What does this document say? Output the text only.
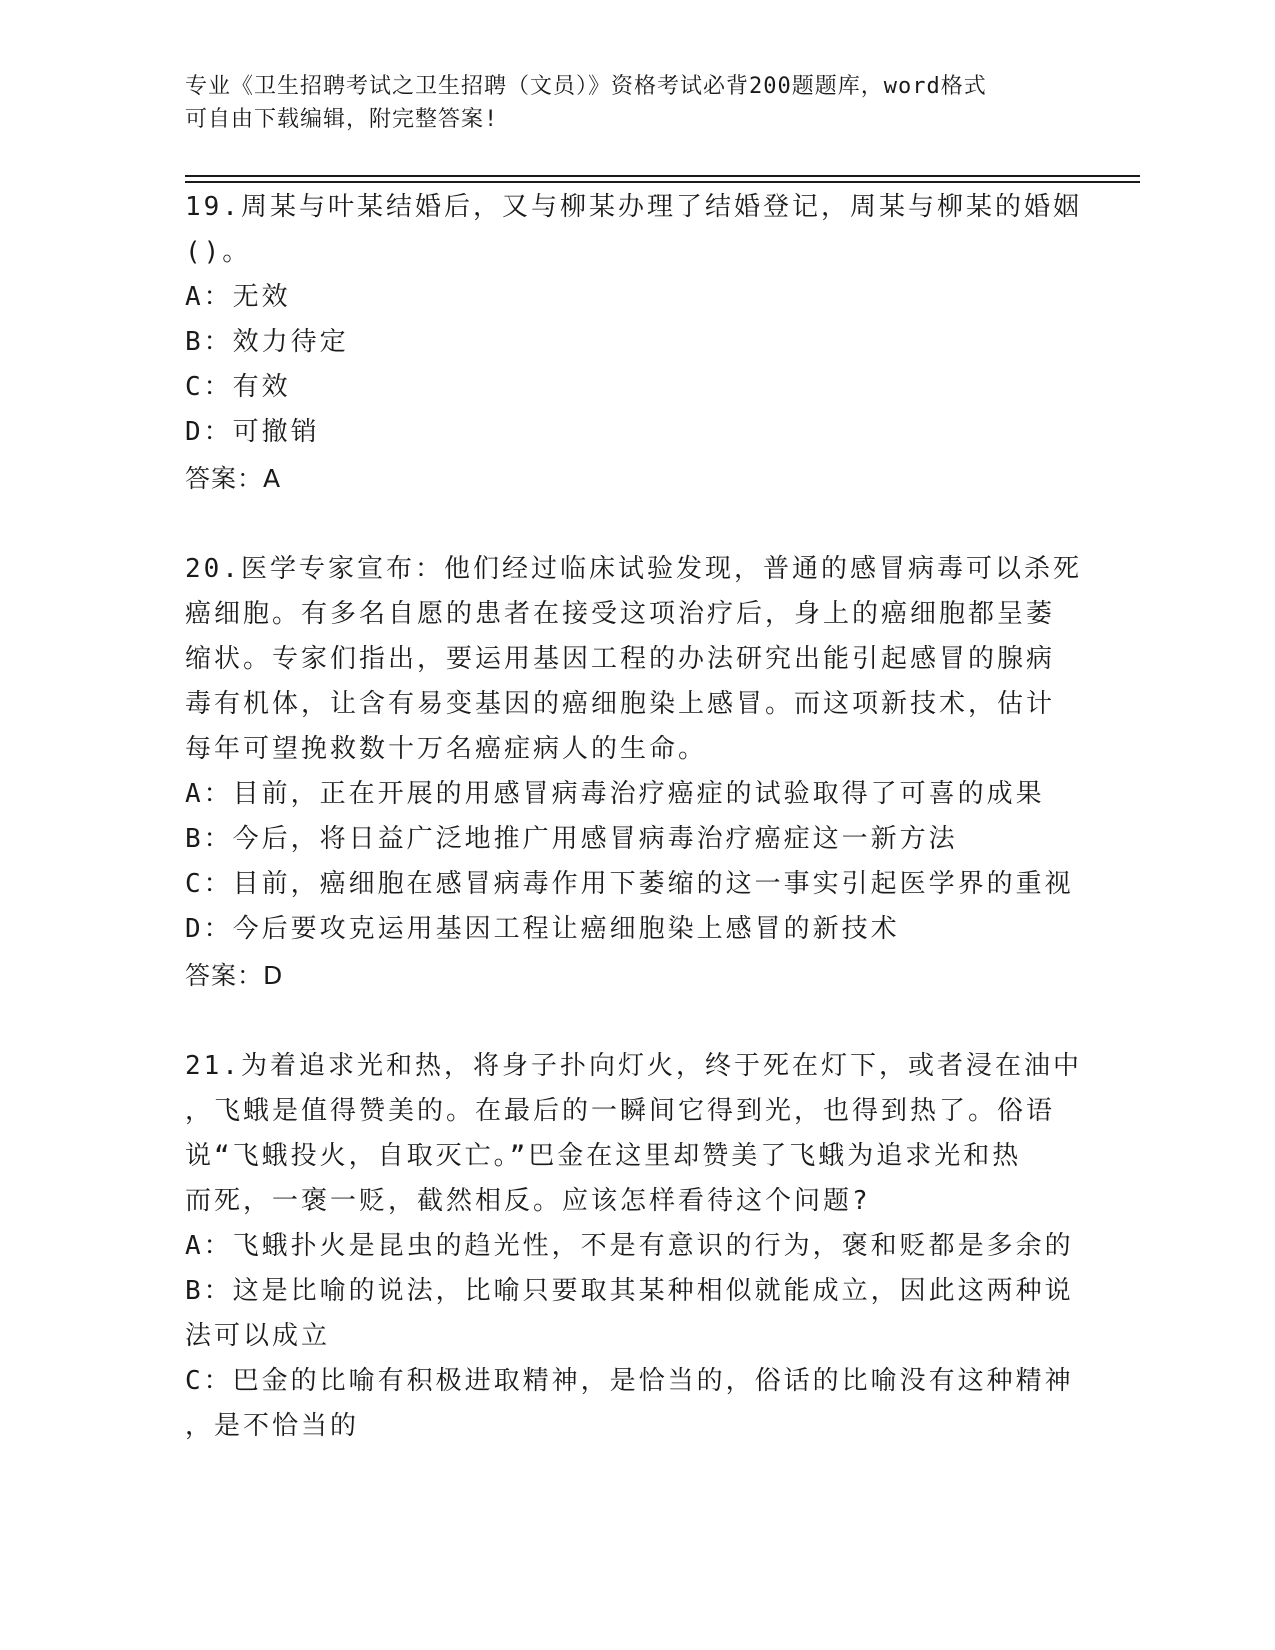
专业《卫生招聘考试之卫生招聘（文员）》资格考试必背200题题库，word格式
可自由下载编辑，附完整答案!
19.周某与叶某结婚后，又与柳某办理了结婚登记，周某与柳某的婚姻
()。
A：无效
B：效力待定
C：有效
D：可撤销
答案：A
20.医学专家宣布：他们经过临床试验发现，普通的感冒病毒可以杀死
癌细胞。有多名自愿的患者在接受这项治疗后，身上的癌细胞都呈萎
缩状。专家们指出，要运用基因工程的办法研究出能引起感冒的腺病
毒有机体，让含有易变基因的癌细胞染上感冒。而这项新技术，估计
每年可望挽救数十万名癌症病人的生命。
A：目前，正在开展的用感冒病毒治疗癌症的试验取得了可喜的成果
B：今后，将日益广泛地推广用感冒病毒治疗癌症这一新方法
C：目前，癌细胞在感冒病毒作用下萎缩的这一事实引起医学界的重视
D：今后要攻克运用基因工程让癌细胞染上感冒的新技术
答案：D
21.为着追求光和热，将身子扑向灯火，终于死在灯下，或者浸在油中
，飞蛾是值得赞美的。在最后的一瞬间它得到光，也得到热了。俗语
说“飞蛾投火，自取灭亡。”巴金在这里却赞美了飞蛾为追求光和热
而死，一褒一贬，截然相反。应该怎样看待这个问题?
A：飞蛾扑火是昆虫的趋光性，不是有意识的行为，褒和贬都是多余的
B：这是比喻的说法，比喻只要取其某种相似就能成立，因此这两种说
法可以成立
C：巴金的比喻有积极进取精神，是恰当的，俗话的比喻没有这种精神
，是不恰当的
